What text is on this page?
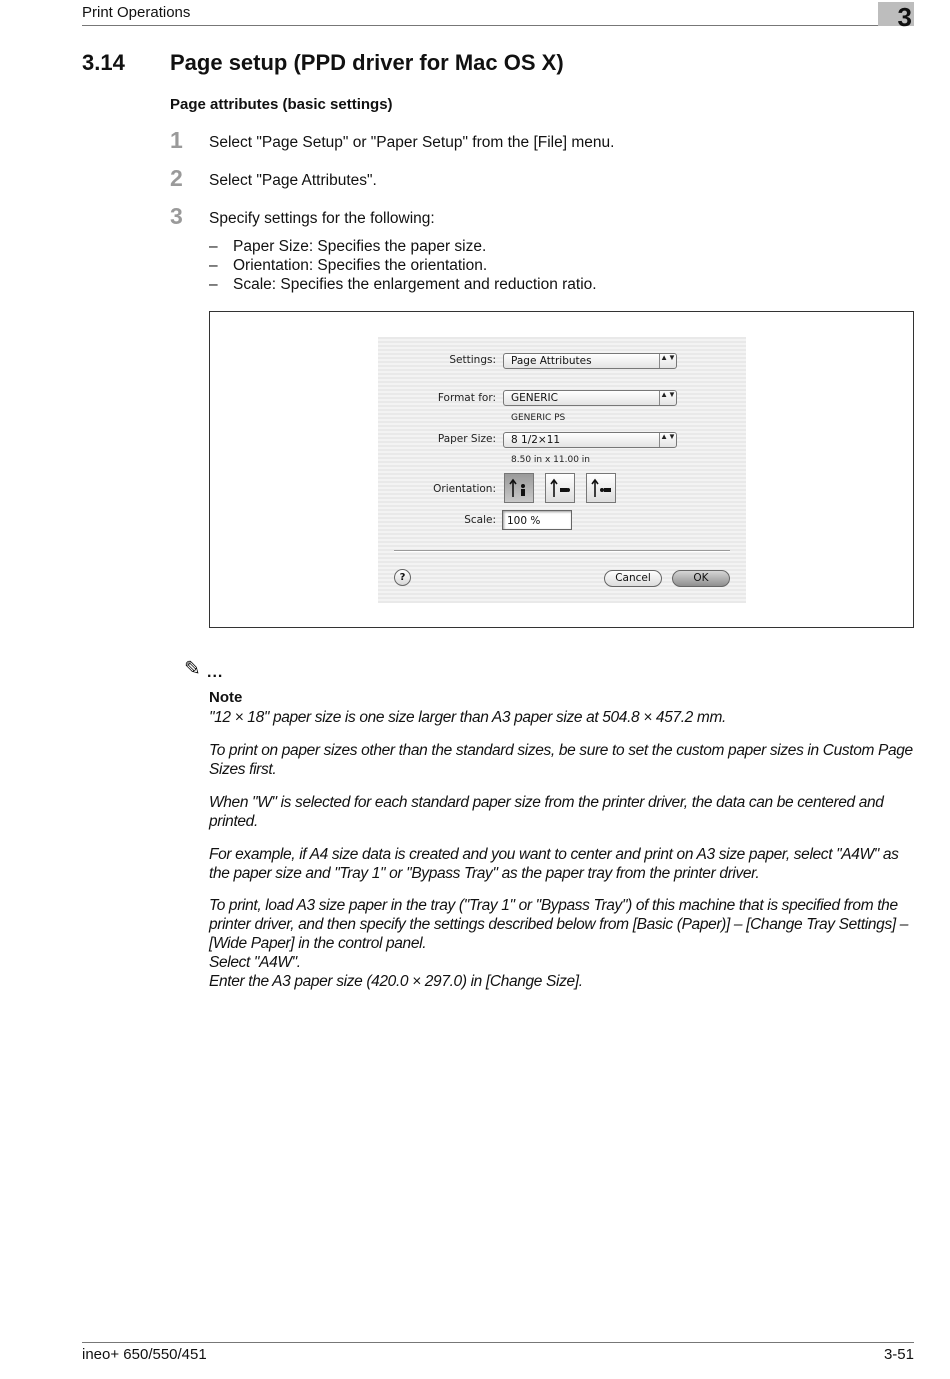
Print Operations	3
3.14 Page setup (PPD driver for Mac OS X)
Page attributes (basic settings)
1 Select "Page Setup" or "Paper Setup" from the [File] menu.
2 Select "Page Attributes".
3 Specify settings for the following:
– Paper Size: Specifies the paper size.
– Orientation: Specifies the orientation.
– Scale: Specifies the enlargement and reduction ratio.
Settings: Page Attributes	▲▼
Format for: GENERIC	▲▼
GENERIC PS
Paper Size: 8 1/2×11	▲▼
8.50 in x 11.00 in
Orientation:
Scale:
100 %
?	Cancel	OK
✎ ...
Note

"12 × 18" paper size is one size larger than A3 paper size at 504.8 × 457.2 mm.

To print on paper sizes other than the standard sizes, be sure to set the custom paper sizes in Custom Page Sizes first.

When "W" is selected for each standard paper size from the printer driver, the data can be centered and printed.

For example, if A4 size data is created and you want to center and print on A3 size paper, select "A4W" as the paper size and "Tray 1" or "Bypass Tray" as the paper tray from the printer driver.

To print, load A3 size paper in the tray ("Tray 1" or "Bypass Tray") of this machine that is specified from the printer driver, and then specify the settings described below from [Basic (Paper)] – [Change Tray Settings] – [Wide Paper] in the control panel.

Select "A4W".

Enter the A3 paper size (420.0 × 297.0) in [Change Size].

ineo+ 650/550/451	3-51
